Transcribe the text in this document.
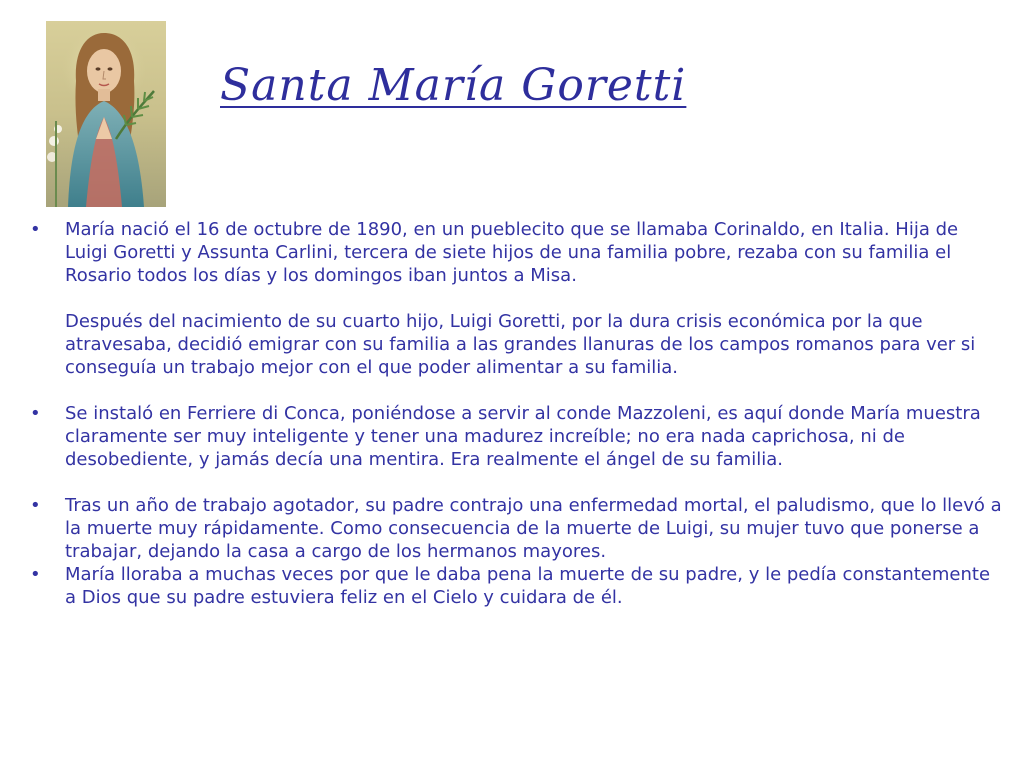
Santa María Goretti
•	María nació el 16 de octubre de 1890, en un pueblecito que se llamaba Corinaldo, en Italia. Hija de Luigi Goretti y Assunta Carlini, tercera de siete hijos de una familia pobre, rezaba con su familia el Rosario todos los días y los domingos iban juntos a Misa.

Después del nacimiento de su cuarto hijo, Luigi Goretti, por la dura crisis económica por la que atravesaba, decidió emigrar con su familia a las grandes llanuras de los campos romanos para ver si conseguía un trabajo mejor con el que poder alimentar a su familia.

•	Se instaló en Ferriere di Conca, poniéndose a servir al conde Mazzoleni, es aquí donde María muestra claramente ser muy inteligente y tener una madurez increíble; no era nada caprichosa, ni de desobediente, y jamás decía una mentira. Era realmente el ángel de su familia.

•	Tras un año de trabajo agotador, su padre contrajo una enfermedad mortal, el paludismo, que lo llevó a la muerte muy rápidamente. Como consecuencia de la muerte de Luigi, su mujer tuvo que ponerse a trabajar, dejando la casa a cargo de los hermanos mayores.

•	María lloraba a muchas veces por que le daba pena la muerte de su padre, y le pedía constantemente a Dios que su padre estuviera feliz en el Cielo y cuidara de él.
